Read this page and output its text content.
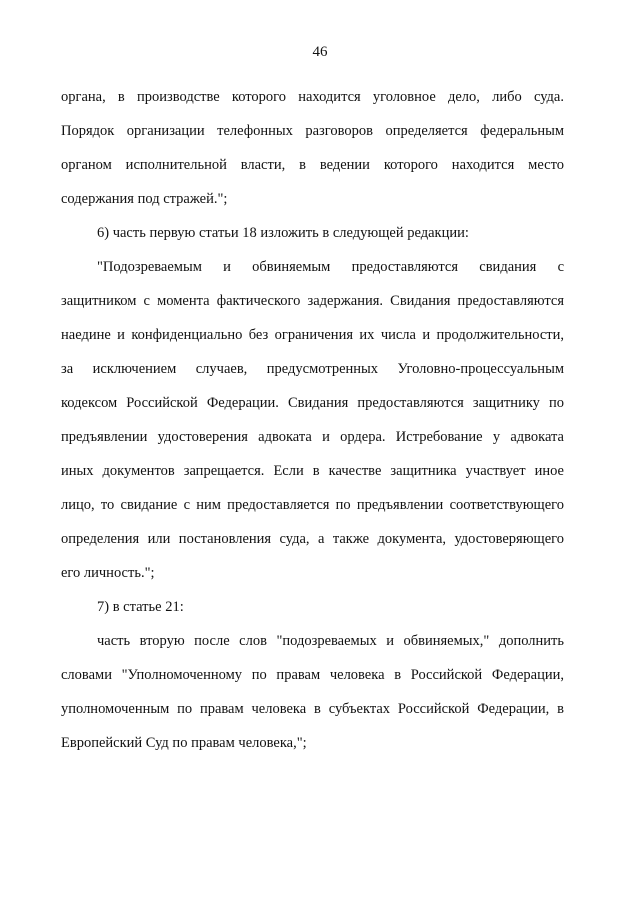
46
органа, в производстве которого находится уголовное дело, либо суда.
Порядок организации телефонных разговоров определяется федеральным
органом исполнительной власти, в ведении которого находится место
содержания под стражей.";
6) часть первую статьи 18 изложить в следующей редакции:
"Подозреваемым и обвиняемым предоставляются свидания с
защитником с момента фактического задержания. Свидания предоставляются
наедине и конфиденциально без ограничения их числа и продолжительности,
за исключением случаев, предусмотренных Уголовно-процессуальным
кодексом Российской Федерации. Свидания предоставляются защитнику по
предъявлении удостоверения адвоката и ордера. Истребование у адвоката
иных документов запрещается. Если в качестве защитника участвует иное
лицо, то свидание с ним предоставляется по предъявлении соответствующего
определения или постановления суда, а также документа, удостоверяющего
его личность.";
7) в статье 21:
часть вторую после слов "подозреваемых и обвиняемых," дополнить
словами "Уполномоченному по правам человека в Российской Федерации,
уполномоченным по правам человека в субъектах Российской Федерации, в
Европейский Суд по правам человека,";
